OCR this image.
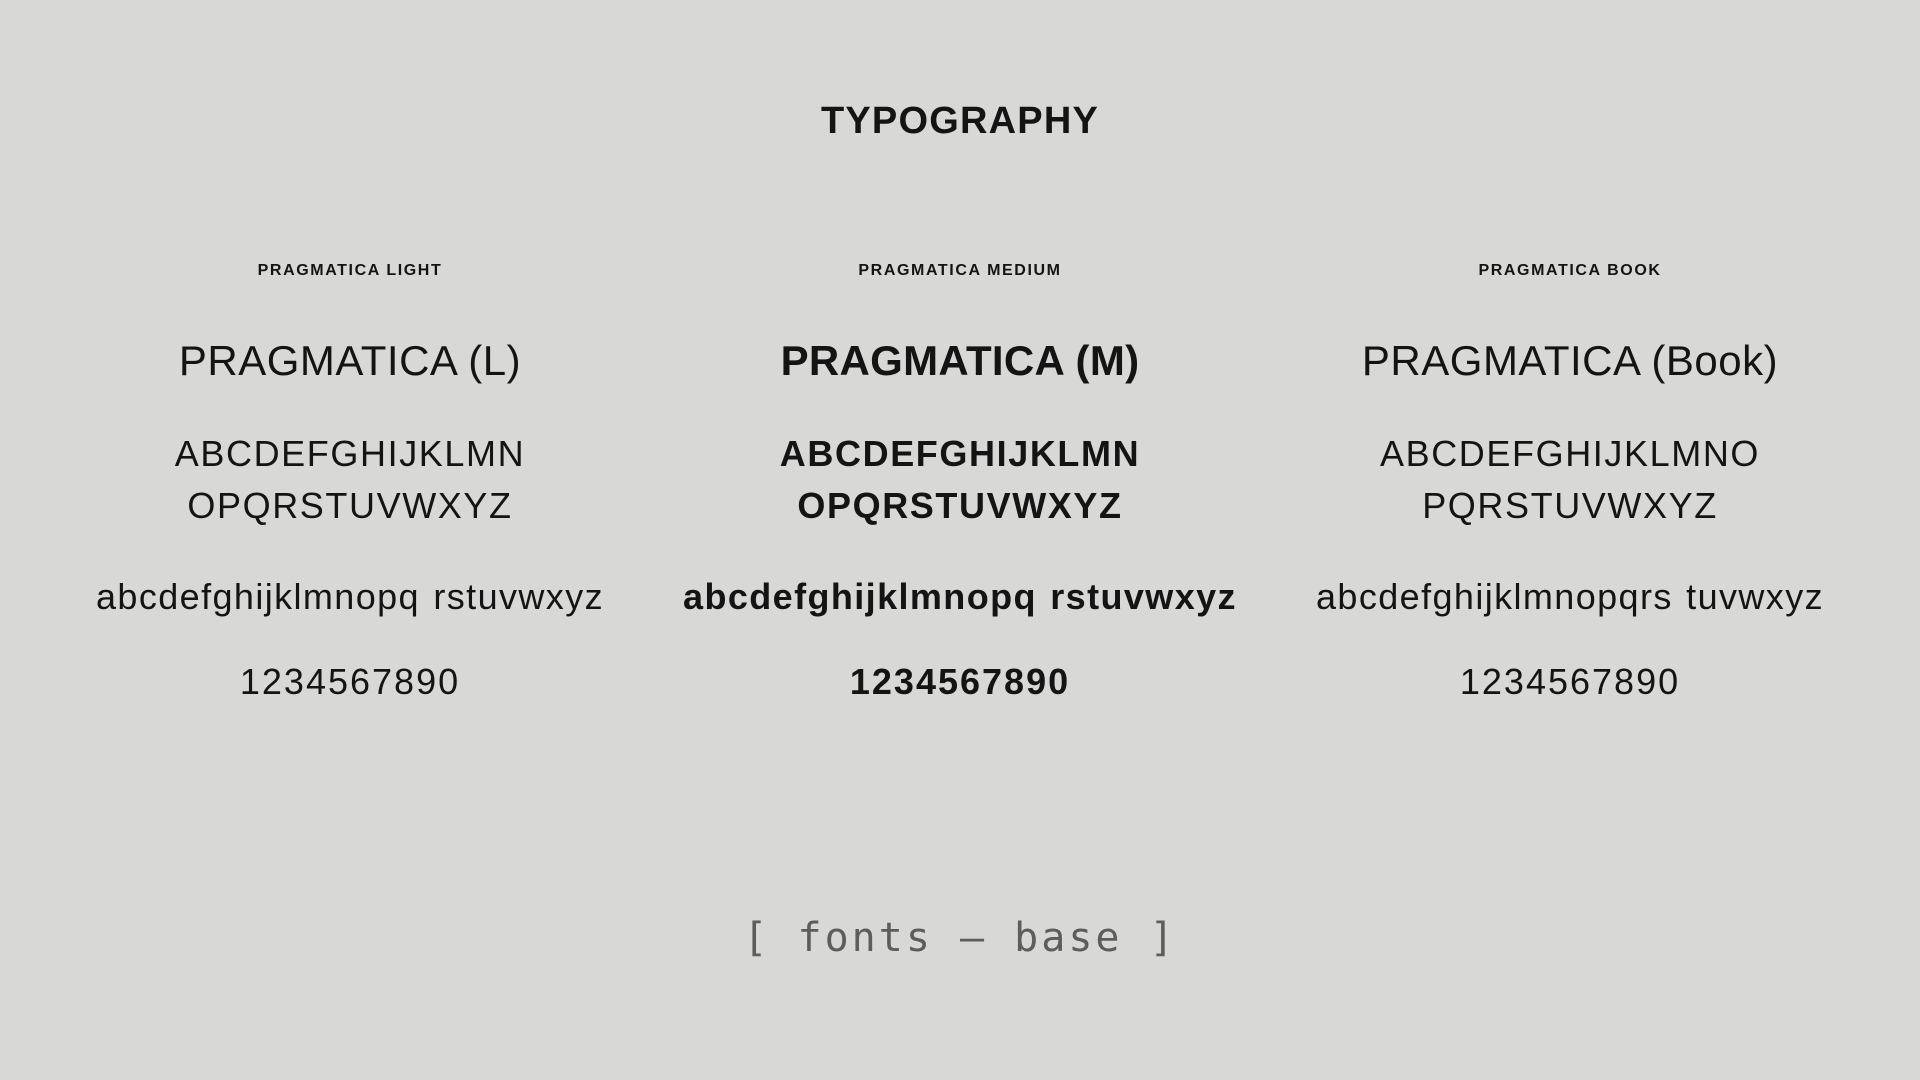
TYPOGRAPHY
PRAGMATICA LIGHT
PRAGMATICA (L)
ABCDEFGHIJKLMN OPQRSTUVWXYZ
abcdefghijklmnopq rstuvwxyz
1234567890
PRAGMATICA MEDIUM
PRAGMATICA (M)
ABCDEFGHIJKLMN OPQRSTUVWXYZ
abcdefghijklmnopq rstuvwxyz
1234567890
PRAGMATICA BOOK
PRAGMATICA (Book)
ABCDEFGHIJKLMNO PQRSTUVWXYZ
abcdefghijklmnopqrs tuvwxyz
1234567890
[ fonts — base ]
